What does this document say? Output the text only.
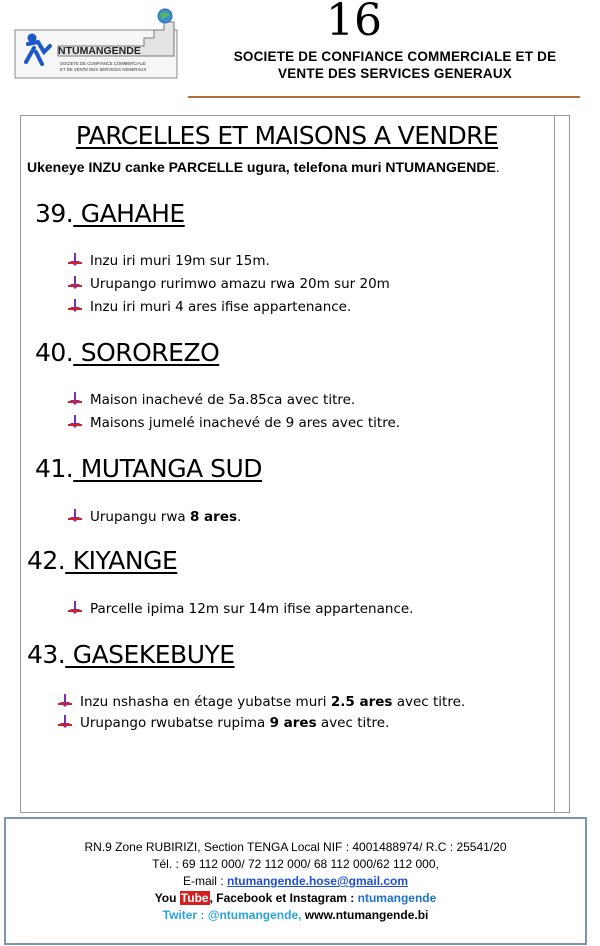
NTUMANGENDE
SOCIETE DE CONFIANCE COMMERCIALE
ET DE VENTE DES SERVICES GENERAUX
16
SOCIETE DE CONFIANCE COMMERCIALE ET DE
VENTE DES SERVICES GENERAUX
PARCELLES ET MAISONS A VENDRE
Ukeneye INZU canke PARCELLE ugura, telefona muri NTUMANGENDE.
39. GAHAHE
Inzu iri muri 19m sur 15m.
Urupango rurimwo amazu rwa 20m sur 20m
Inzu iri muri 4 ares ifise appartenance.
40. SOROREZO
Maison inachevé de 5a.85ca avec titre.
Maisons jumelé inachevé de 9 ares avec titre.
41. MUTANGA SUD
Urupangu rwa 8 ares.
42. KIYANGE
Parcelle ipima 12m sur 14m ifise appartenance.
43. GASEKEBUYE
Inzu nshasha en étage yubatse muri 2.5 ares avec titre.
Urupango rwubatse rupima 9 ares avec titre.
RN.9 Zone RUBIRIZI, Section TENGA Local NIF : 4001488974/ R.C : 25541/20
Tél. : 69 112 000/ 72 112 000/ 68 112 000/62 112 000,
E-mail : ntumangende.hose@gmail.com
You Tube, Facebook et Instagram : ntumangende
Twiter : @ntumangende, www.ntumangende.bi
